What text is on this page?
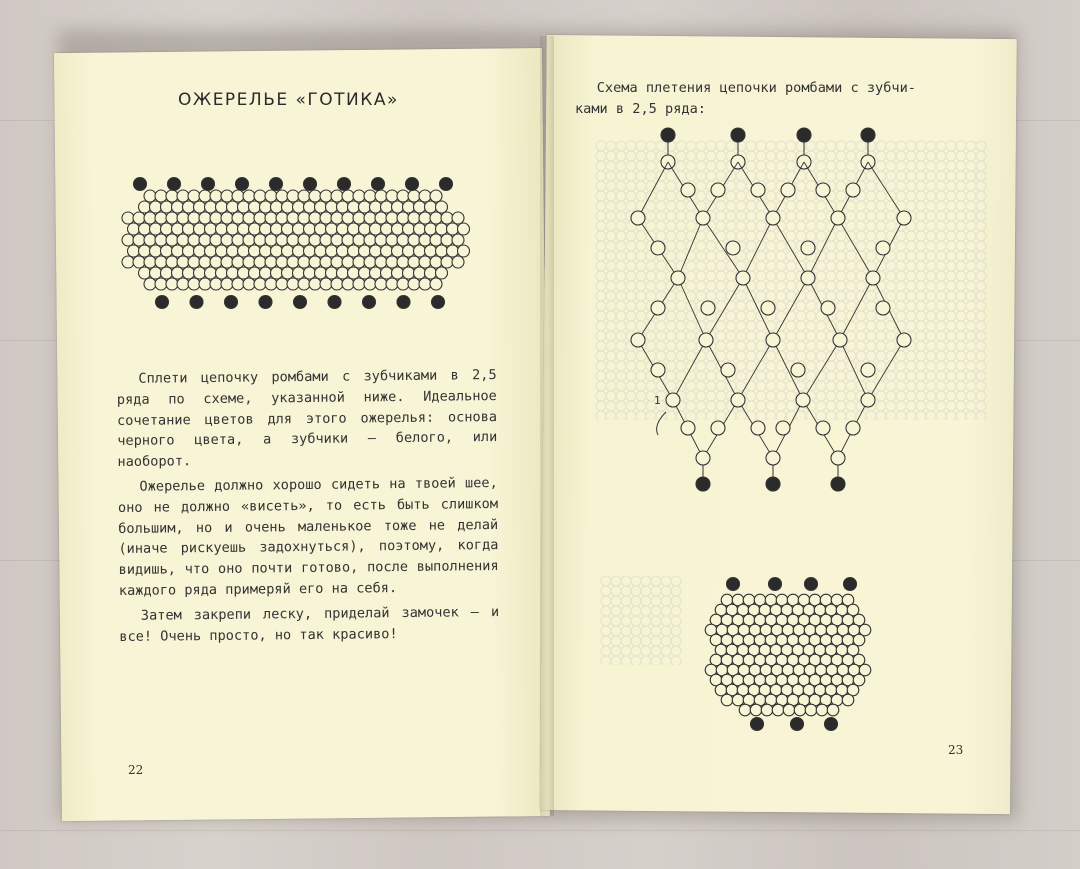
ОЖЕРЕЛЬЕ «ГОТИКА»

Сплети цепочку ромбами с зубчиками в 2,5 ряда по схеме, указанной ниже. Идеальное сочетание цветов для этого ожерелья: основа черного цвета, а зубчики — белого, или наоборот.

Ожерелье должно хорошо сидеть на твоей шее, оно не должно «висеть», то есть быть слишком большим, но и очень маленькое тоже не делай (иначе рискуешь задохнуться), поэтому, когда видишь, что оно почти готово, после выполнения каждого ряда примеряй его на себя.

Затем закрепи леску, приделай замочек — и все! Очень просто, но так красиво!

22
Схема плетения цепочки ромбами с зубчи-
ками в 2,5 ряда:
1
23
